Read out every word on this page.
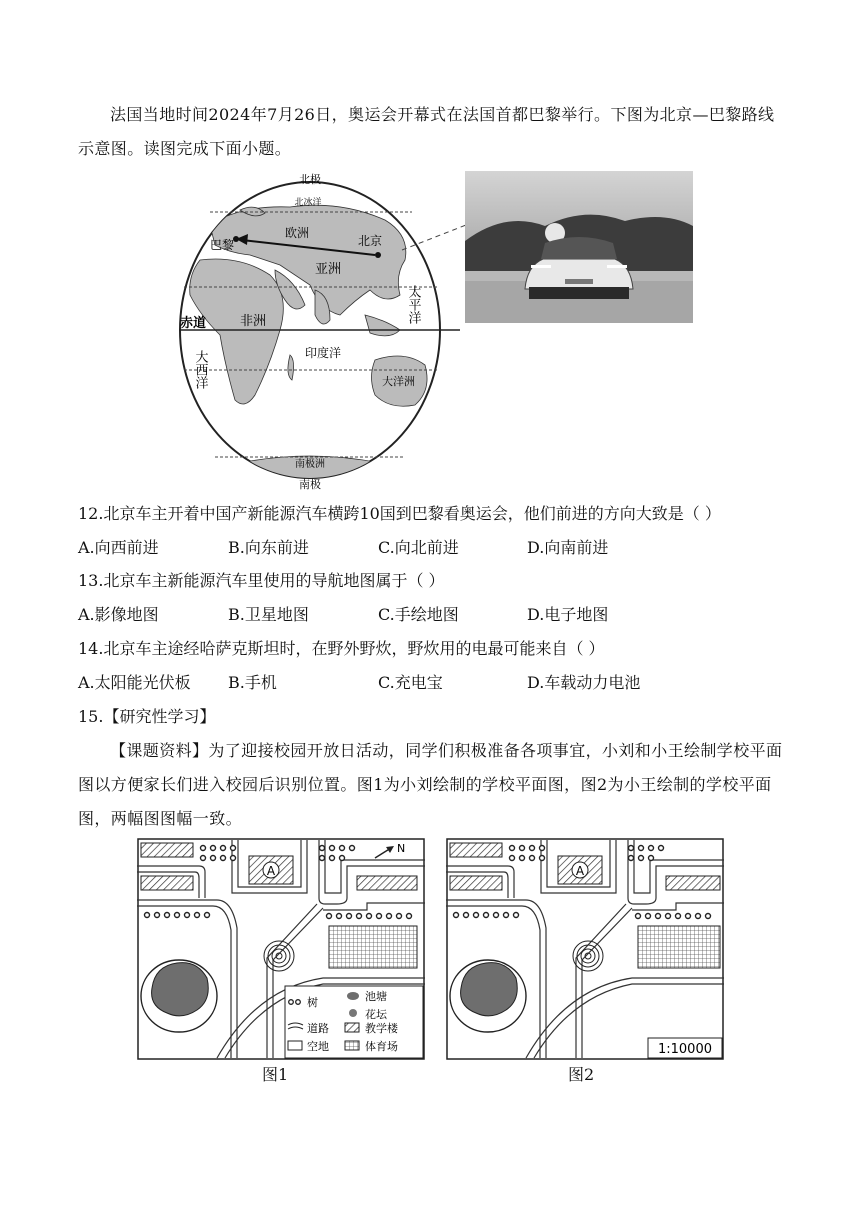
法国当地时间2024年7月26日，奥运会开幕式在法国首都巴黎举行。下图为北京—巴黎路线示意图。读图完成下面小题。
北极
南极
北冰洋
欧洲
巴黎	北京
亚洲
非洲
赤道	太平洋
印度洋
大西洋	大洋洲
南极洲
12.北京车主开着中国产新能源汽车横跨10国到巴黎看奥运会，他们前进的方向大致是（ ）
A.向西前进	B.向东前进	C.向北前进	D.向南前进
13.北京车主新能源汽车里使用的导航地图属于（ ）
A.影像地图	B.卫星地图	C.手绘地图	D.电子地图
14.北京车主途经哈萨克斯坦时，在野外野炊，野炊用的电最可能来自（ ）
A.太阳能光伏板 B.手机	C.充电宝	D.车载动力电池
15.【研究性学习】
【课题资料】为了迎接校园开放日活动，同学们积极准备各项事宜，小刘和小王绘制学校平面图以方便家长们进入校园后识别位置。图1为小刘绘制的学校平面图，图2为小王绘制的学校平面图，两幅图图幅一致。
A
N
树	池塘
花坛
道路	教学楼
空地	体育场
图1
A
1:10000
图2
